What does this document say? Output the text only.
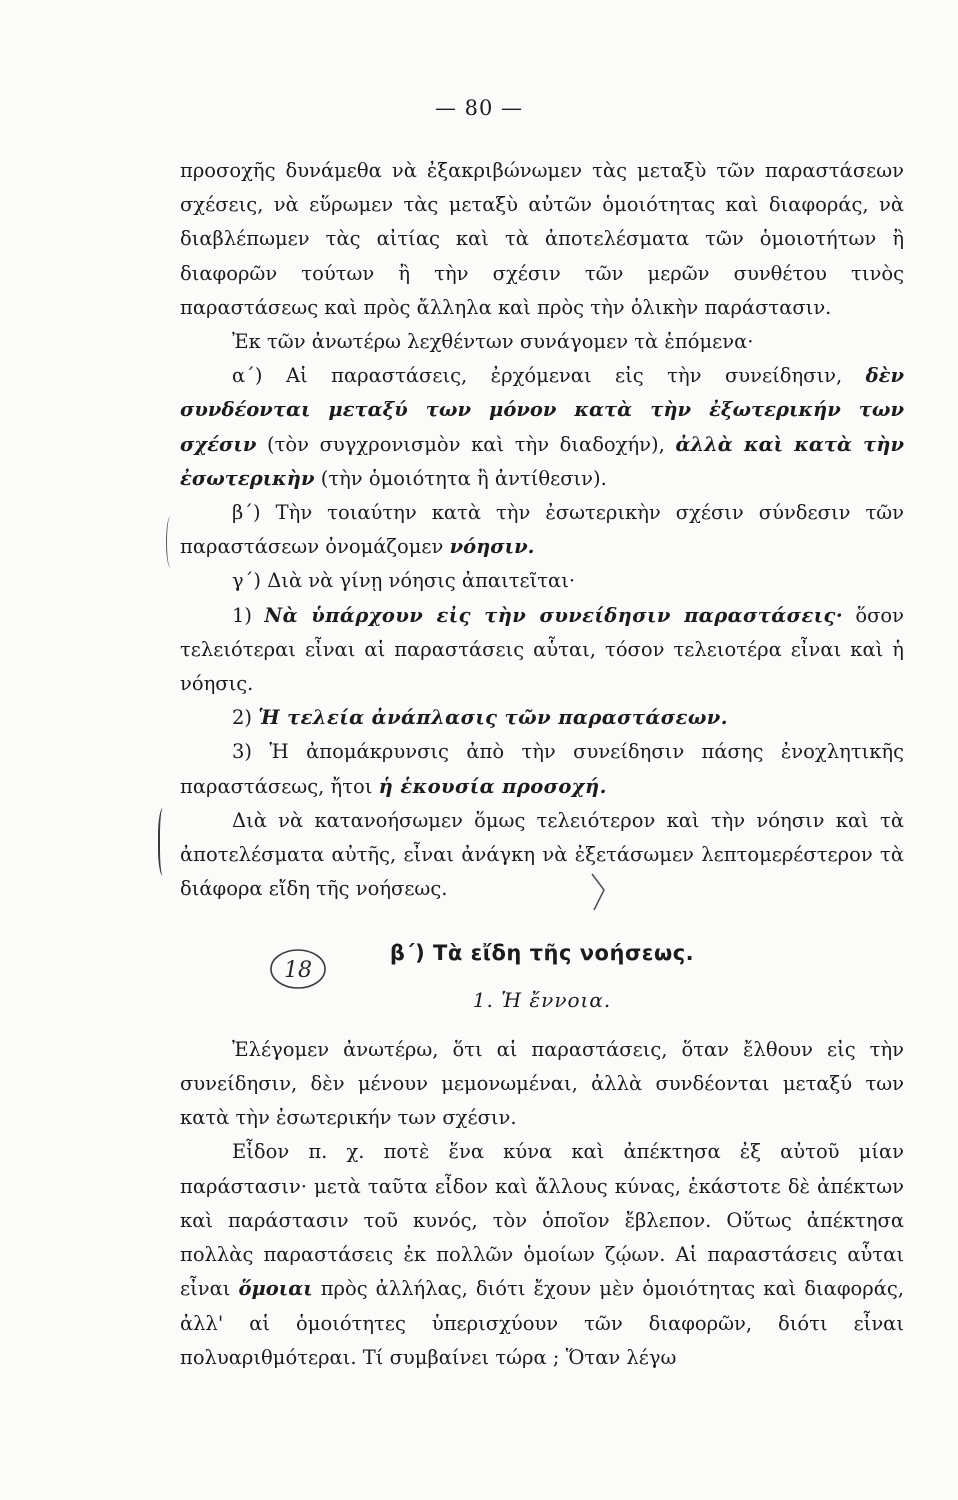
— 80 —

προσοχῆς δυνάμεθα νὰ ἐξακριβώνωμεν τὰς μεταξὺ τῶν παραστάσεων σχέσεις, νὰ εὕρωμεν τὰς μεταξὺ αὐτῶν ὁμοιότητας καὶ διαφοράς, νὰ διαβλέπωμεν τὰς αἰτίας καὶ τὰ ἀποτελέσματα τῶν ὁμοιοτήτων ἢ διαφορῶν τούτων ἢ τὴν σχέσιν τῶν μερῶν συνθέτου τινὸς παραστάσεως καὶ πρὸς ἄλληλα καὶ πρὸς τὴν ὁλικὴν παράστασιν.

Ἐκ τῶν ἀνωτέρω λεχθέντων συνάγομεν τὰ ἑπόμενα·

α΄) Αἱ παραστάσεις, ἐρχόμεναι εἰς τὴν συνείδησιν, δὲν συνδέονται μεταξύ των μόνον κατὰ τὴν ἐξωτερικήν των σχέσιν (τὸν συγχρονισμὸν καὶ τὴν διαδοχήν), ἀλλὰ καὶ κατὰ τὴν ἐσωτερικὴν (τὴν ὁμοιότητα ἢ ἀντίθεσιν).

β΄) Τὴν τοιαύτην κατὰ τὴν ἐσωτερικὴν σχέσιν σύνδεσιν τῶν παραστάσεων ὀνομάζομεν νόησιν.

γ΄) Διὰ νὰ γίνῃ νόησις ἀπαιτεῖται·

1) Νὰ ὑπάρχουν εἰς τὴν συνείδησιν παραστάσεις· ὅσον τελειότεραι εἶναι αἱ παραστάσεις αὗται, τόσον τελειοτέρα εἶναι καὶ ἡ νόησις.

2) Ἡ τελεία ἀνάπλασις τῶν παραστάσεων.

3) Ἡ ἀπομάκρυνσις ἀπὸ τὴν συνείδησιν πάσης ἐνοχλητικῆς παραστάσεως, ἤτοι ἡ ἑκουσία προσοχή.

Διὰ νὰ κατανοήσωμεν ὅμως τελειότερον καὶ τὴν νόησιν καὶ τὰ ἀποτελέσματα αὐτῆς, εἶναι ἀνάγκη νὰ ἐξετάσωμεν λεπτομερέστερον τὰ διάφορα εἴδη τῆς νοήσεως.

β΄) Τὰ εἴδη τῆς νοήσεως.
1. Ἡ ἔννοια.

Ἐλέγομεν ἀνωτέρω, ὅτι αἱ παραστάσεις, ὅταν ἔλθουν εἰς τὴν συνείδησιν, δὲν μένουν μεμονωμέναι, ἀλλὰ συνδέονται μεταξύ των κατὰ τὴν ἐσωτερικήν των σχέσιν.

Εἶδον π. χ. ποτὲ ἕνα κύνα καὶ ἀπέκτησα ἐξ αὐτοῦ μίαν παράστασιν· μετὰ ταῦτα εἶδον καὶ ἄλλους κύνας, ἑκάστοτε δὲ ἀπέκτων καὶ παράστασιν τοῦ κυνός, τὸν ὁποῖον ἔβλεπον. Οὕτως ἀπέκτησα πολλὰς παραστάσεις ἐκ πολλῶν ὁμοίων ζῴων. Αἱ παραστάσεις αὗται εἶναι ὅμοιαι πρὸς ἀλλήλας, διότι ἔχουν μὲν ὁμοιότητας καὶ διαφοράς, ἀλλ' αἱ ὁμοιότητες ὑπερισχύουν τῶν διαφορῶν, διότι εἶναι πολυαριθμότεραι. Τί συμβαίνει τώρα ; Ὅταν λέγω

18
